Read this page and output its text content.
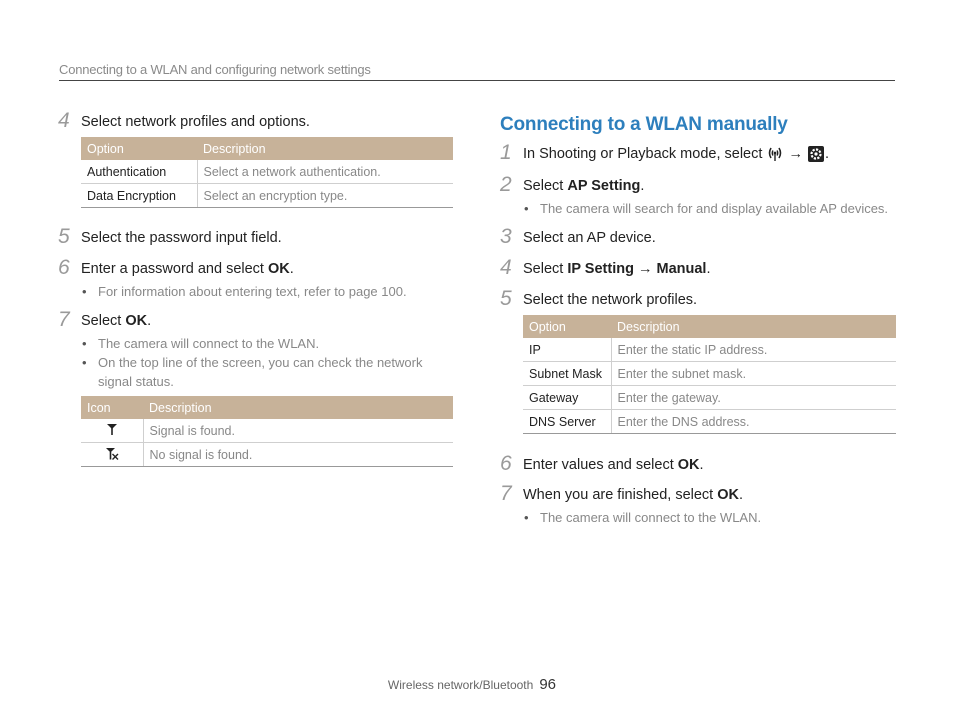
Connecting to a WLAN and configuring network settings
4 Select network profiles and options.
Option	Description
Authentication	Select a network authentication.
Data Encryption	Select an encryption type.
5 Select the password input field.
6 Enter a password and select OK.
• For information about entering text, refer to page 100.
7 Select OK.
• The camera will connect to the WLAN.
• On the top line of the screen, you can check the network signal status.
Icon	Description
	Signal is found.
	No signal is found.
Connecting to a WLAN manually
1 In Shooting or Playback mode, select → .
2 Select AP Setting.
• The camera will search for and display available AP devices.
3 Select an AP device.
4 Select IP Setting → Manual.
5 Select the network profiles.
Option	Description
IP	Enter the static IP address.
Subnet Mask	Enter the subnet mask.
Gateway	Enter the gateway.
DNS Server	Enter the DNS address.
6 Enter values and select OK.
7 When you are finished, select OK.
• The camera will connect to the WLAN.
Wireless network/Bluetooth 96
